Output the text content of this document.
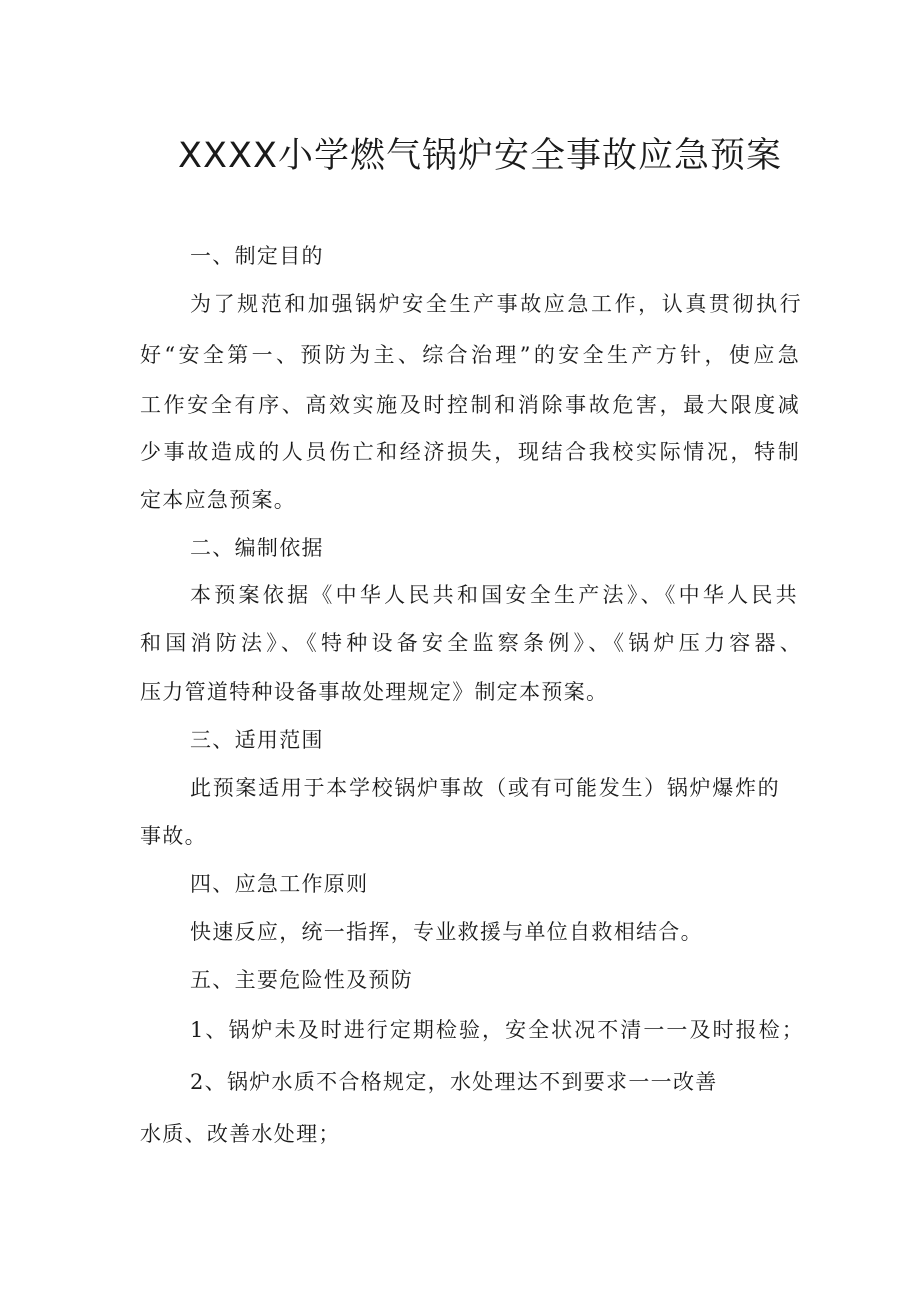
XXXX小学燃气锅炉安全事故应急预案

一、制定目的

为了规范和加强锅炉安全生产事故应急工作，认真贯彻执行

好“安全第一、预防为主、综合治理”的安全生产方针，使应急

工作安全有序、高效实施及时控制和消除事故危害，最大限度减

少事故造成的人员伤亡和经济损失，现结合我校实际情况，特制

定本应急预案。

二、编制依据

本预案依据《中华人民共和国安全生产法》、《中华人民共

和国消防法》、《特种设备安全监察条例》、《锅炉压力容器、

压力管道特种设备事故处理规定》制定本预案。

三、适用范围

此预案适用于本学校锅炉事故（或有可能发生）锅炉爆炸的

事故。

四、应急工作原则

快速反应，统一指挥，专业救援与单位自救相结合。

五、主要危险性及预防

1、锅炉未及时进行定期检验，安全状况不清一一及时报检；

2、锅炉水质不合格规定，水处理达不到要求一一改善

水质、改善水处理；
